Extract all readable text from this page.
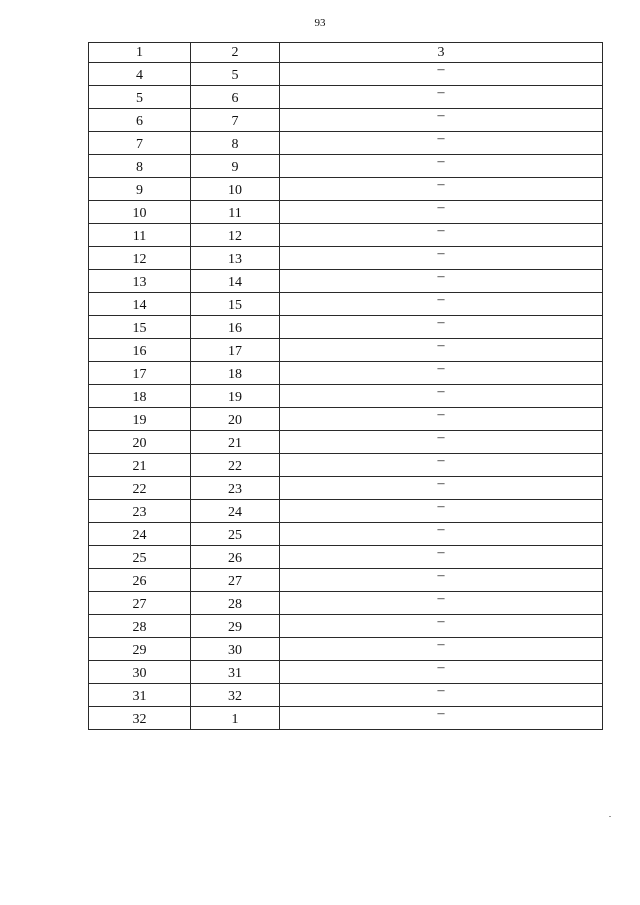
93
1	2	3
4	5	–
5	6	–
6	7	–
7	8	–
8	9	–
9	10	–
10	11	–
11	12	–
12	13	–
13	14	–
14	15	–
15	16	–
16	17	–
17	18	–
18	19	–
19	20	–
20	21	–
21	22	–
22	23	–
23	24	–
24	25	–
25	26	–
26	27	–
27	28	–
28	29	–
29	30	–
30	31	–
31	32	–
32	1	–
